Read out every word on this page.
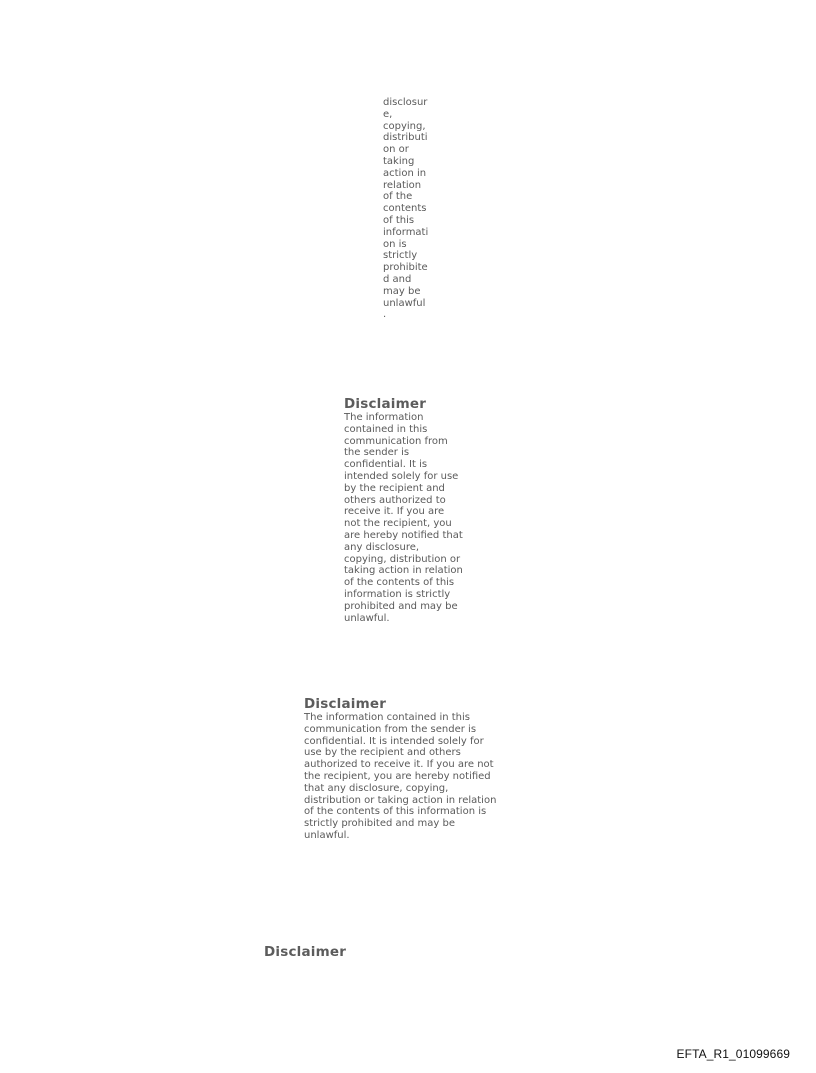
disclosur
e,
copying,
distributi
on or
taking
action in
relation
of the
contents
of this
informati
on is
strictly
prohibite
d and
may be
unlawful
.
Disclaimer
The information
contained in this
communication from
the sender is
confidential. It is
intended solely for use
by the recipient and
others authorized to
receive it. If you are
not the recipient, you
are hereby notified that
any disclosure,
copying, distribution or
taking action in relation
of the contents of this
information is strictly
prohibited and may be
unlawful.
Disclaimer
The information contained in this
communication from the sender is
confidential. It is intended solely for
use by the recipient and others
authorized to receive it. If you are not
the recipient, you are hereby notified
that any disclosure, copying,
distribution or taking action in relation
of the contents of this information is
strictly prohibited and may be
unlawful.
Disclaimer
EFTA_R1_01099669
